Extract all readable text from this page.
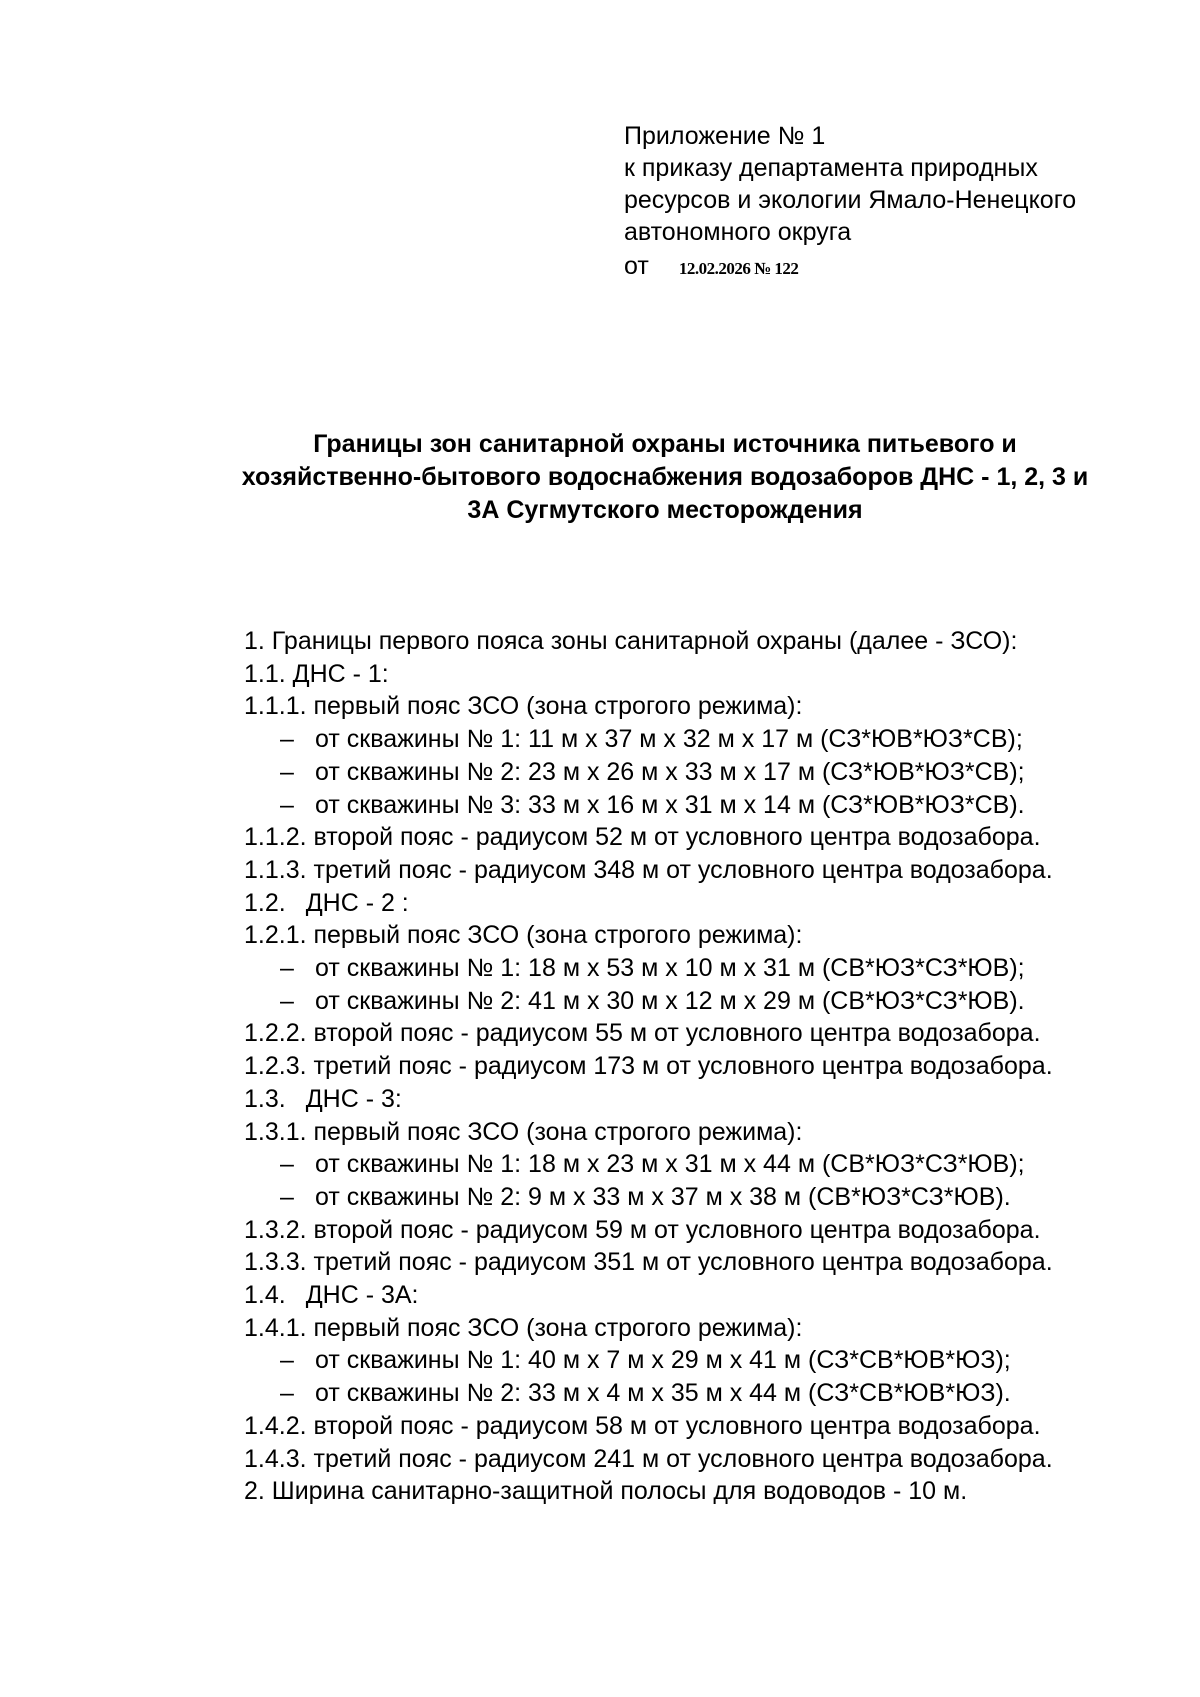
Приложение № 1
к приказу департамента природных
ресурсов и экологии Ямало-Ненецкого
автономного округа
от 12.02.2026 № 122
Границы зон санитарной охраны источника питьевого и
хозяйственно-бытового водоснабжения водозаборов ДНС - 1, 2, 3 и
3А Сугмутского месторождения
1. Границы первого пояса зоны санитарной охраны (далее - ЗСО):
1.1. ДНС - 1:
1.1.1. первый пояс ЗСО (зона строгого режима):
– от скважины № 1: 11 м х 37 м х 32 м х 17 м (СЗ*ЮВ*ЮЗ*СВ);
– от скважины № 2: 23 м х 26 м х 33 м х 17 м (СЗ*ЮВ*ЮЗ*СВ);
– от скважины № 3: 33 м х 16 м х 31 м х 14 м (СЗ*ЮВ*ЮЗ*СВ).
1.1.2. второй пояс - радиусом 52 м от условного центра водозабора.
1.1.3. третий пояс - радиусом 348 м от условного центра водозабора.
1.2. ДНС - 2 :
1.2.1. первый пояс ЗСО (зона строгого режима):
– от скважины № 1: 18 м х 53 м х 10 м х 31 м (СВ*ЮЗ*СЗ*ЮВ);
– от скважины № 2: 41 м х 30 м х 12 м х 29 м (СВ*ЮЗ*СЗ*ЮВ).
1.2.2. второй пояс - радиусом 55 м от условного центра водозабора.
1.2.3. третий пояс - радиусом 173 м от условного центра водозабора.
1.3. ДНС - 3:
1.3.1. первый пояс ЗСО (зона строгого режима):
– от скважины № 1: 18 м х 23 м х 31 м х 44 м (СВ*ЮЗ*СЗ*ЮВ);
– от скважины № 2: 9 м х 33 м х 37 м х 38 м (СВ*ЮЗ*СЗ*ЮВ).
1.3.2. второй пояс - радиусом 59 м от условного центра водозабора.
1.3.3. третий пояс - радиусом 351 м от условного центра водозабора.
1.4. ДНС - 3А:
1.4.1. первый пояс ЗСО (зона строгого режима):
– от скважины № 1: 40 м х 7 м х 29 м х 41 м (СЗ*СВ*ЮВ*ЮЗ);
– от скважины № 2: 33 м х 4 м х 35 м х 44 м (СЗ*СВ*ЮВ*ЮЗ).
1.4.2. второй пояс - радиусом 58 м от условного центра водозабора.
1.4.3. третий пояс - радиусом 241 м от условного центра водозабора.
2. Ширина санитарно-защитной полосы для водоводов - 10 м.
